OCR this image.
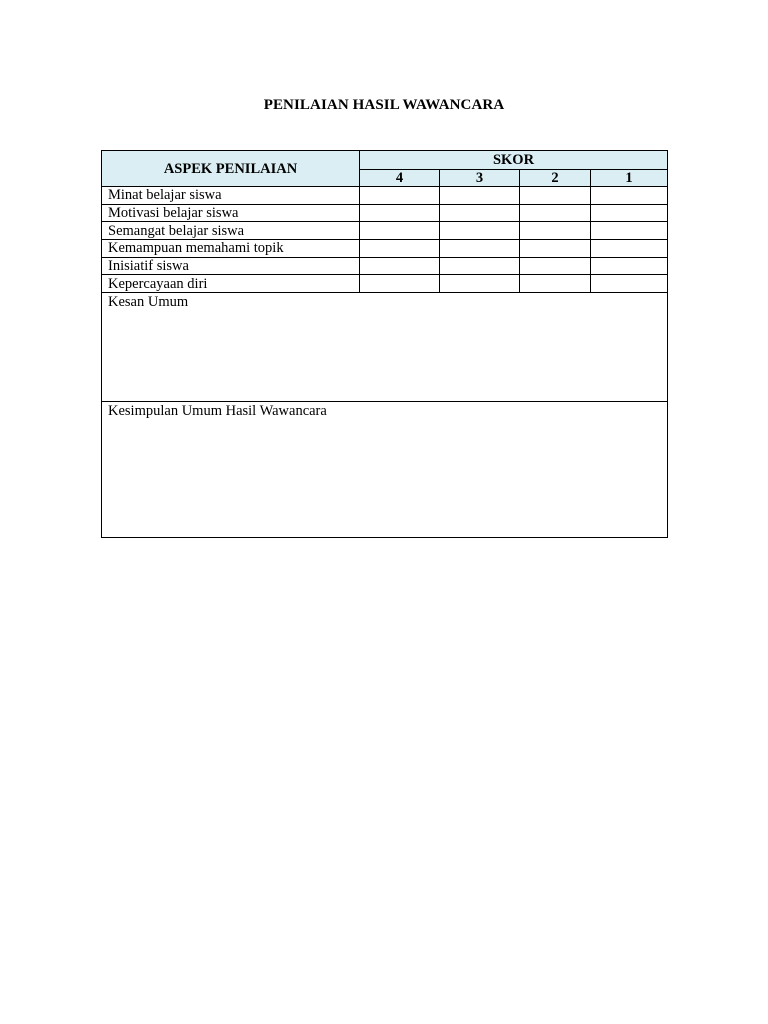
PENILAIAN HASIL WAWANCARA
ASPEK PENILAIAN	SKOR			
	4	3	2	1
Minat belajar siswa				
Motivasi belajar siswa				
Semangat belajar siswa				
Kemampuan memahami topik				
Inisiatif siswa				
Kepercayaan diri				
Kesan Umum				
Kesimpulan Umum Hasil Wawancara				
